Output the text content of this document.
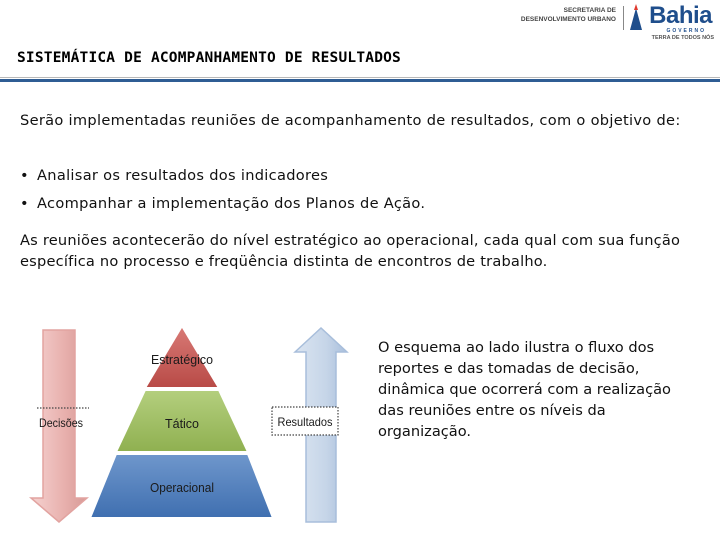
SECRETARIA DE
DESENVOLVIMENTO URBANO Bahia
GOVERNO
TERRA DE TODOS NÓS
SISTEMÁTICA DE ACOMPANHAMENTO DE RESULTADOS
Serão implementadas reuniões de acompanhamento de resultados, com o objetivo de:
• Analisar os resultados dos indicadores
• Acompanhar a implementação dos Planos de Ação.
As reuniões acontecerão do nível estratégico ao operacional, cada qual com sua função específica no processo e freqüência distinta de encontros de trabalho.
Estratégico
Tático
Operacional
Decisões	Resultados
O esquema ao lado ilustra o fluxo dos reportes e das tomadas de decisão, dinâmica que ocorrerá com a realização das reuniões entre os níveis da organização.
